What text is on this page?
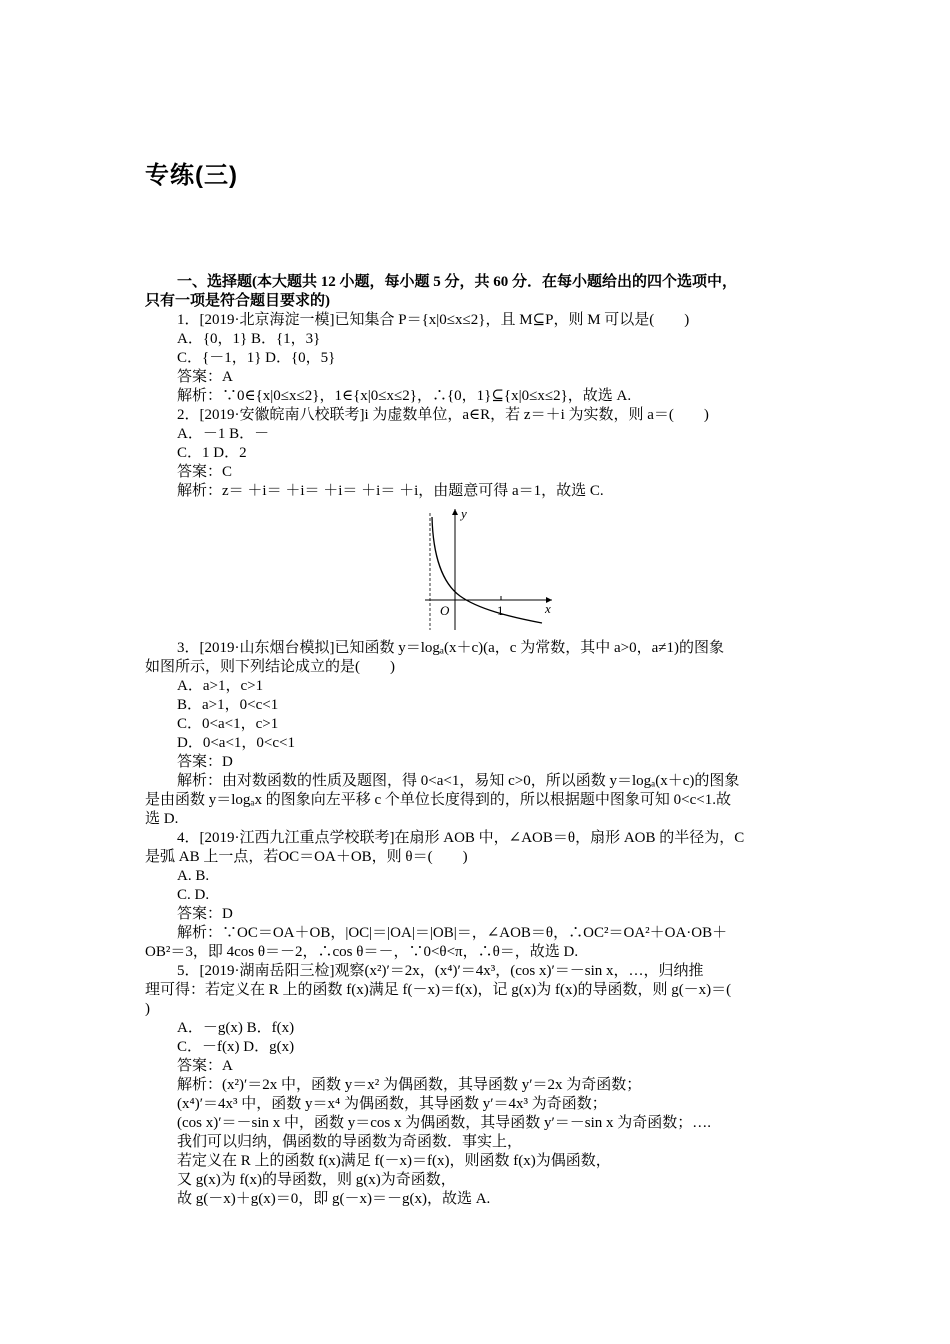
专练(三)

一、选择题(本大题共 12 小题，每小题 5 分，共 60 分．在每小题给出的四个选项中，

只有一项是符合题目要求的)

1．[2019·北京海淀一模]已知集合 P＝{x|0≤x≤2}，且 M⊆P，则 M 可以是(　　)

A．{0，1} B．{1，3}

C．{－1，1} D．{0，5}

答案：A

解析：∵0∈{x|0≤x≤2}，1∈{x|0≤x≤2}，∴{0，1}⊆{x|0≤x≤2}，故选 A.

2．[2019·安徽皖南八校联考]i 为虚数单位，a∈R，若 z＝＋i 为实数，则 a＝(　　)

A．－1 B．－

C．1 D．2

答案：C

解析：z＝ ＋i＝ ＋i＝ ＋i＝ ＋i＝ ＋i，由题意可得 a＝1，故选 C.

y
x
O	1

3．[2019·山东烟台模拟]已知函数 y＝logₐ(x＋c)(a，c 为常数，其中 a>0，a≠1)的图象

如图所示，则下列结论成立的是(　　)

A．a>1，c>1

B．a>1，0<c<1

C．0<a<1，c>1

D．0<a<1，0<c<1

答案：D

解析：由对数函数的性质及题图，得 0<a<1，易知 c>0，所以函数 y＝logₐ(x＋c)的图象

是由函数 y＝logₐx 的图象向左平移 c 个单位长度得到的，所以根据题中图象可知 0<c<1.故

选 D.

4．[2019·江西九江重点学校联考]在扇形 AOB 中，∠AOB＝θ，扇形 AOB 的半径为，C

是弧 AB 上一点，若OC＝OA＋OB，则 θ＝(　　)

A. B.

C. D.

答案：D

解析：∵OC＝OA＋OB，|OC|＝|OA|＝|OB|＝，∠AOB＝θ，∴OC²＝OA²＋OA·OB＋

OB²＝3，即 4cos θ＝－2，∴cos θ＝－，∵0<θ<π，∴θ＝，故选 D.

5．[2019·湖南岳阳三检]观察(x²)′＝2x，(x⁴)′＝4x³，(cos x)′＝－sin x，…，归纳推

理可得：若定义在 R 上的函数 f(x)满足 f(－x)＝f(x)，记 g(x)为 f(x)的导函数，则 g(－x)＝(

)

A．－g(x) B．f(x)

C．－f(x) D．g(x)

答案：A

解析：(x²)′＝2x 中，函数 y＝x² 为偶函数，其导函数 y′＝2x 为奇函数；

(x⁴)′＝4x³ 中，函数 y＝x⁴ 为偶函数，其导函数 y′＝4x³ 为奇函数；

(cos x)′＝－sin x 中，函数 y＝cos x 为偶函数，其导函数 y′＝－sin x 为奇函数；….

我们可以归纳，偶函数的导函数为奇函数．事实上，

若定义在 R 上的函数 f(x)满足 f(－x)＝f(x)，则函数 f(x)为偶函数，

又 g(x)为 f(x)的导函数，则 g(x)为奇函数，

故 g(－x)＋g(x)＝0，即 g(－x)＝－g(x)，故选 A.
